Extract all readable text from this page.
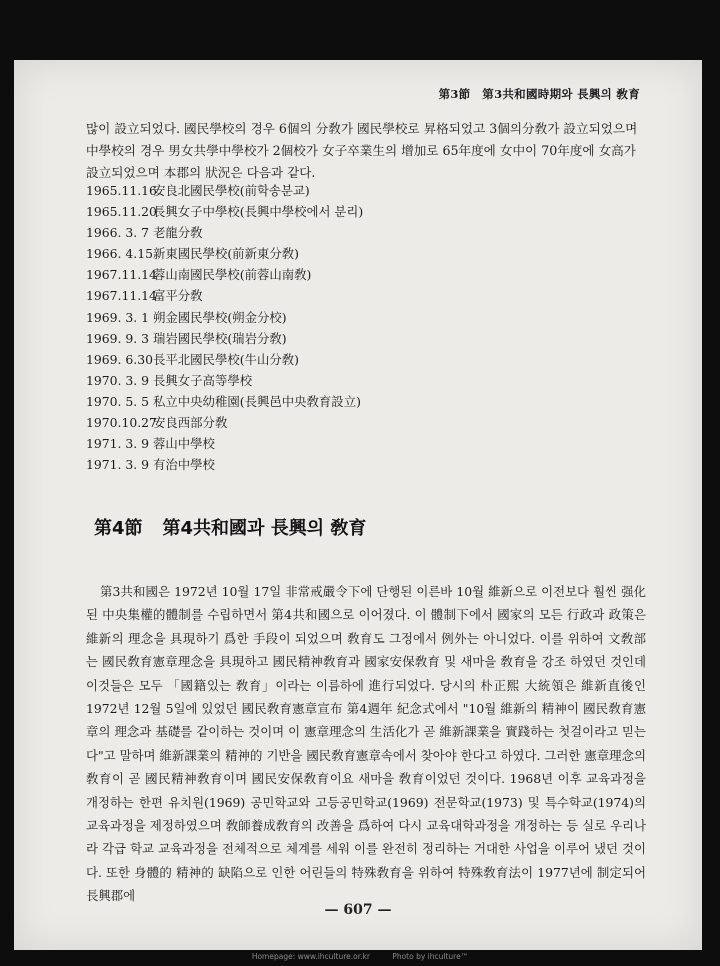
第3節　第3共和國時期와 長興의 敎育

많이 設立되었다. 國民學校의 경우 6個의 分敎가 國民學校로 昇格되었고 3個의分敎가 設立되었으며 中學校의 경우 男女共學中學校가 2個校가 女子卒業生의 增加로 65年度에 女中이 70年度에 女高가 設立되었으며 本郡의 狀況은 다음과 같다.

1965.11.16安良北國民學校(前학송분교)
1965.11.20長興女子中學校(長興中學校에서 분리)
1966. 3. 7 老龍分敎
1966. 4.15新東國民學校(前新東分敎)
1967.11.14蓉山南國民學校(前蓉山南敎)
1967.11.14富平分敎
1969. 3. 1 朔金國民學校(朔金分校)
1969. 9. 3 瑞岩國民學校(瑞岩分敎)
1969. 6.30長平北國民學校(牛山分敎)
1970. 3. 9 長興女子高等學校
1970. 5. 5 私立中央幼稚園(長興邑中央敎育設立)
1970.10.27安良西部分敎
1971. 3. 9 蓉山中學校
1971. 3. 9 有治中學校
第4節 第4共和國과 長興의 敎育

第3共和國은 1972년 10월 17일 非常戒嚴令下에 단행된 이른바 10월 維新으로 이전보다 훨씬 强化된 中央集權的體制를 수립하면서 第4共和國으로 이어졌다. 이 體制下에서 國家의 모든 行政과 政策은 維新의 理念을 具現하기 爲한 手段이 되었으며 敎育도 그정에서 例外는 아니었다. 이를 위하여 文敎部는 國民敎育憲章理念을 具現하고 國民精神敎育과 國家安保敎育 및 새마을 敎育을 강조 하였던 것인데 이것들은 모두 「國籍있는 敎育」이라는 이름하에 進行되었다. 당시의 朴正熙 大統領은 維新直後인 1972년 12월 5일에 있었던 國民敎育憲章宣布 第4週年 紀念式에서 "10월 維新의 精神이 國民敎育憲章의 理念과 基礎를 같이하는 것이며 이 憲章理念의 生活化가 곧 維新課業을 實踐하는 첫걸이라고 믿는다"고 말하며 維新課業의 精神的 기반을 國民敎育憲章속에서 찾아야 한다고 하였다. 그러한 憲章理念의 敎育이 곧 國民精神敎育이며 國民安保敎育이요 새마을 敎育이었던 것이다. 1968년 이후 교육과정을 개정하는 한편 유치원(1969) 공민학교와 고등공민학교(1969) 전문학교(1973) 및 특수학교(1974)의 교육과정을 제정하였으며 敎師養成敎育의 改善을 爲하여 다시 교육대학과정을 개정하는 등 실로 우리나라 각급 학교 교육과정을 전체적으로 체계를 세워 이를 완전히 정리하는 거대한 사업을 이루어 냈던 것이다. 또한 身體的 精神的 缺陷으로 인한 어린들의 特殊敎育을 위하여 特殊敎育法이 1977년에 制定되어 長興郡에

— 607 —
Homepage: www.ihculture.or.kr	Photo by ihculture™
